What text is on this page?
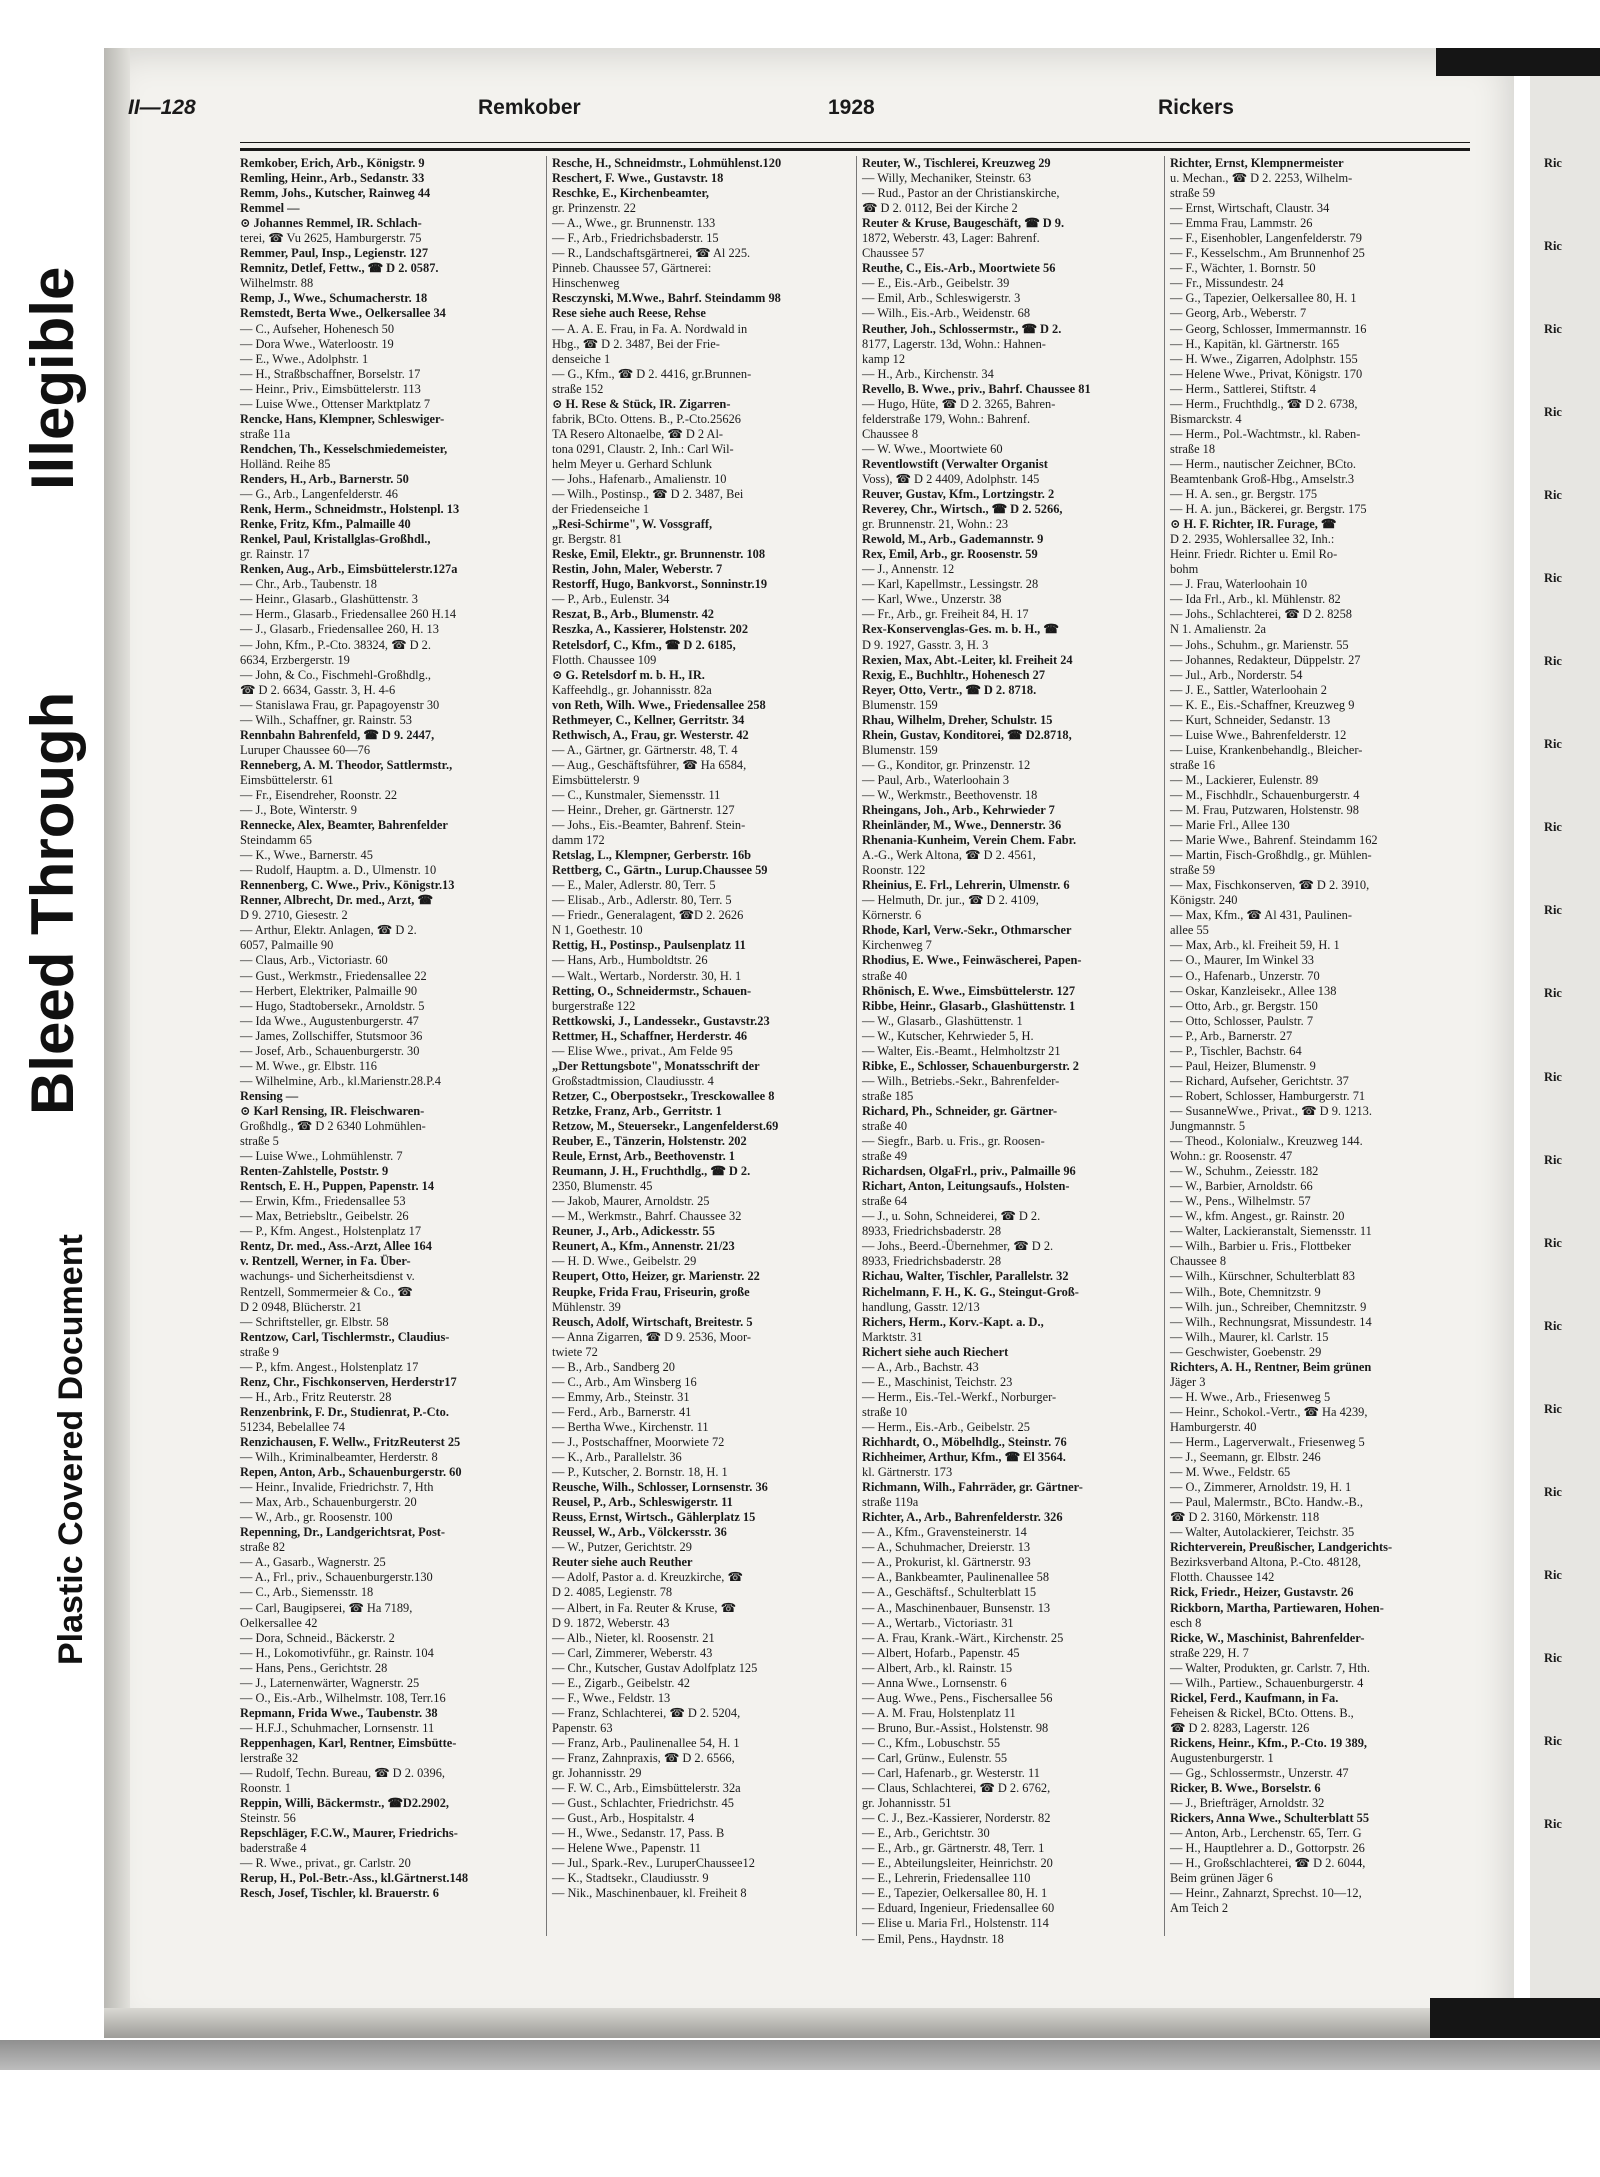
Illegible
Bleed Through
Plastic Covered Document
II—128	Remkober	1928	Rickers
Remkober, Erich, Arb., Königstr. 9
Remling, Heinr., Arb., Sedanstr. 33
Remm, Johs., Kutscher, Rainweg 44
Remmel —
⊙ Johannes Remmel, IR. Schlach-
terei, ☎ Vu 2625, Hamburgerstr. 75
Remmer, Paul, Insp., Legienstr. 127
Remnitz, Detlef, Fettw., ☎ D 2. 0587.
Wilhelmstr. 88
Remp, J., Wwe., Schumacherstr. 18
Remstedt, Berta Wwe., Oelkersallee 34
— C., Aufseher, Hohenesch 50
— Dora Wwe., Waterloostr. 19
— E., Wwe., Adolphstr. 1
— H., Straßbschaffner, Borselstr. 17
— Heinr., Priv., Eimsbüttelerstr. 113
— Luise Wwe., Ottenser Marktplatz 7
Rencke, Hans, Klempner, Schleswiger-
straße 11a
Rendchen, Th., Kesselschmiedemeister,
Holländ. Reihe 85
Renders, H., Arb., Barnerstr. 50
— G., Arb., Langenfelderstr. 46
Renk, Herm., Schneidmstr., Holstenpl. 13
Renke, Fritz, Kfm., Palmaille 40
Renkel, Paul, Kristallglas-Großhdl.,
gr. Rainstr. 17
Renken, Aug., Arb., Eimsbüttelerstr.127a
— Chr., Arb., Taubenstr. 18
— Heinr., Glasarb., Glashüttenstr. 3
— Herm., Glasarb., Friedensallee 260 H.14
— J., Glasarb., Friedensallee 260, H. 13
— John, Kfm., P.-Cto. 38324, ☎ D 2.
6634, Erzbergerstr. 19
— John, & Co., Fischmehl-Großhdlg.,
☎ D 2. 6634, Gasstr. 3, H. 4-6
— Stanislawa Frau, gr. Papagoyenstr 30
— Wilh., Schaffner, gr. Rainstr. 53
Rennbahn Bahrenfeld, ☎ D 9. 2447,
Luruper Chaussee 60—76
Renneberg, A. M. Theodor, Sattlermstr.,
Eimsbüttelerstr. 61
— Fr., Eisendreher, Roonstr. 22
— J., Bote, Winterstr. 9
Rennecke, Alex, Beamter, Bahrenfelder
Steindamm 65
— K., Wwe., Barnerstr. 45
— Rudolf, Hauptm. a. D., Ulmenstr. 10
Rennenberg, C. Wwe., Priv., Königstr.13
Renner, Albrecht, Dr. med., Arzt, ☎
D 9. 2710, Giesestr. 2
— Arthur, Elektr. Anlagen, ☎ D 2.
6057, Palmaille 90
— Claus, Arb., Victoriastr. 60
— Gust., Werkmstr., Friedensallee 22
— Herbert, Elektriker, Palmaille 90
— Hugo, Stadtobersekr., Arnoldstr. 5
— Ida Wwe., Augustenburgerstr. 47
— James, Zollschiffer, Stutsmoor 36
— Josef, Arb., Schauenburgerstr. 30
— M. Wwe., gr. Elbstr. 116
— Wilhelmine, Arb., kl.Marienstr.28.P.4
Rensing —
⊙ Karl Rensing, IR. Fleischwaren-
Großhdlg., ☎ D 2 6340 Lohmühlen-
straße 5
— Luise Wwe., Lohmühlenstr. 7
Renten-Zahlstelle, Poststr. 9
Rentsch, E. H., Puppen, Papenstr. 14
— Erwin, Kfm., Friedensallee 53
— Max, Betriebsltr., Geibelstr. 26
— P., Kfm. Angest., Holstenplatz 17
Rentz, Dr. med., Ass.-Arzt, Allee 164
v. Rentzell, Werner, in Fa. Über-
wachungs- und Sicherheitsdienst v.
Rentzell, Sommermeier & Co., ☎
D 2 0948, Blücherstr. 21
— Schriftsteller, gr. Elbstr. 58
Rentzow, Carl, Tischlermstr., Claudius-
straße 9
— P., kfm. Angest., Holstenplatz 17
Renz, Chr., Fischkonserven, Herderstr17
— H., Arb., Fritz Reuterstr. 28
Renzenbrink, F. Dr., Studienrat, P.-Cto.
51234, Bebelallee 74
Renzichausen, F. Wellw., FritzReuterst 25
— Wilh., Kriminalbeamter, Herderstr. 8
Repen, Anton, Arb., Schauenburgerstr. 60
— Heinr., Invalide, Friedrichstr. 7, Hth
— Max, Arb., Schauenburgerstr. 20
— W., Arb., gr. Roosenstr. 100
Repenning, Dr., Landgerichtsrat, Post-
straße 82
— A., Gasarb., Wagnerstr. 25
— A., Frl., priv., Schauenburgerstr.130
— C., Arb., Siemensstr. 18
— Carl, Baugipserei, ☎ Ha 7189,
Oelkersallee 42
— Dora, Schneid., Bäckerstr. 2
— H., Lokomotivführ., gr. Rainstr. 104
— Hans, Pens., Gerichtstr. 28
— J., Laternenwärter, Wagnerstr. 25
— O., Eis.-Arb., Wilhelmstr. 108, Terr.16
Repmann, Frida Wwe., Taubenstr. 38
— H.F.J., Schuhmacher, Lornsenstr. 11
Reppenhagen, Karl, Rentner, Eimsbütte-
lerstraße 32
— Rudolf, Techn. Bureau, ☎ D 2. 0396,
Roonstr. 1
Reppin, Willi, Bäckermstr., ☎D2.2902,
Steinstr. 56
Repschläger, F.C.W., Maurer, Friedrichs-
baderstraße 4
— R. Wwe., privat., gr. Carlstr. 20
Rerup, H., Pol.-Betr.-Ass., kl.Gärtnerst.148
Resch, Josef, Tischler, kl. Brauerstr. 6
Resche, H., Schneidmstr., Lohmühlenst.120
Reschert, F. Wwe., Gustavstr. 18
Reschke, E., Kirchenbeamter,
gr. Prinzenstr. 22
— A., Wwe., gr. Brunnenstr. 133
— F., Arb., Friedrichsbaderstr. 15
— R., Landschaftsgärtnerei, ☎ Al 225.
Pinneb. Chaussee 57, Gärtnerei:
Hinschenweg
Resczynski, M.Wwe., Bahrf. Steindamm 98
Rese siehe auch Reese, Rehse
— A. A. E. Frau, in Fa. A. Nordwald in
Hbg., ☎ D 2. 3487, Bei der Frie-
denseiche 1
— G., Kfm., ☎ D 2. 4416, gr.Brunnen-
straße 152
⊙ H. Rese & Stück, IR. Zigarren-
fabrik, BCto. Ottens. B., P.-Cto.25626
TA Resero Altonaelbe, ☎ D 2 Al-
tona 0291, Claustr. 2, Inh.: Carl Wil-
helm Meyer u. Gerhard Schlunk
— Johs., Hafenarb., Amalienstr. 10
— Wilh., Postinsp., ☎ D 2. 3487, Bei
der Friedenseiche 1
„Resi-Schirme", W. Vossgraff,
gr. Bergstr. 81
Reske, Emil, Elektr., gr. Brunnenstr. 108
Restin, John, Maler, Weberstr. 7
Restorff, Hugo, Bankvorst., Sonninstr.19
— P., Arb., Eulenstr. 34
Reszat, B., Arb., Blumenstr. 42
Reszka, A., Kassierer, Holstenstr. 202
Retelsdorf, C., Kfm., ☎ D 2. 6185,
Flotth. Chaussee 109
⊙ G. Retelsdorf m. b. H., IR.
Kaffeehdlg., gr. Johannisstr. 82a
von Reth, Wilh. Wwe., Friedensallee 258
Rethmeyer, C., Kellner, Gerritstr. 34
Rethwisch, A., Frau, gr. Westerstr. 42
— A., Gärtner, gr. Gärtnerstr. 48, T. 4
— Aug., Geschäftsführer, ☎ Ha 6584,
Eimsbüttelerstr. 9
— C., Kunstmaler, Siemensstr. 11
— Heinr., Dreher, gr. Gärtnerstr. 127
— Johs., Eis.-Beamter, Bahrenf. Stein-
damm 172
Retslag, L., Klempner, Gerberstr. 16b
Rettberg, C., Gärtn., Lurup.Chaussee 59
— E., Maler, Adlerstr. 80, Terr. 5
— Elisab., Arb., Adlerstr. 80, Terr. 5
— Friedr., Generalagent, ☎D 2. 2626
N 1, Goethestr. 10
Rettig, H., Postinsp., Paulsenplatz 11
— Hans, Arb., Humboldtstr. 26
— Walt., Wertarb., Norderstr. 30, H. 1
Retting, O., Schneidermstr., Schauen-
burgerstraße 122
Rettkowski, J., Landessekr., Gustavstr.23
Rettmer, H., Schaffner, Herderstr. 46
— Elise Wwe., privat., Am Felde 95
„Der Rettungsbote", Monatsschrift der
Großstadtmission, Claudiusstr. 4
Retzer, C., Oberpostsekr., Tresckowallee 8
Retzke, Franz, Arb., Gerritstr. 1
Retzow, M., Steuersekr., Langenfelderst.69
Reuber, E., Tänzerin, Holstenstr. 202
Reule, Ernst, Arb., Beethovenstr. 1
Reumann, J. H., Fruchthdlg., ☎ D 2.
2350, Blumenstr. 45
— Jakob, Maurer, Arnoldstr. 25
— M., Werkmstr., Bahrf. Chaussee 32
Reuner, J., Arb., Adickesstr. 55
Reunert, A., Kfm., Annenstr. 21/23
— H. D. Wwe., Geibelstr. 29
Reupert, Otto, Heizer, gr. Marienstr. 22
Reupke, Frida Frau, Friseurin, große
Mühlenstr. 39
Reusch, Adolf, Wirtschaft, Breitestr. 5
— Anna Zigarren, ☎ D 9. 2536, Moor-
twiete 72
— B., Arb., Sandberg 20
— C., Arb., Am Winsberg 16
— Emmy, Arb., Steinstr. 31
— Ferd., Arb., Barnerstr. 41
— Bertha Wwe., Kirchenstr. 11
— J., Postschaffner, Moorwiete 72
— K., Arb., Parallelstr. 36
— P., Kutscher, 2. Bornstr. 18, H. 1
Reusche, Wilh., Schlosser, Lornsenstr. 36
Reusel, P., Arb., Schleswigerstr. 11
Reuss, Ernst, Wirtsch., Gählerplatz 15
Reussel, W., Arb., Völckersstr. 36
— W., Putzer, Gerichtstr. 29
Reuter siehe auch Reuther
— Adolf, Pastor a. d. Kreuzkirche, ☎
D 2. 4085, Legienstr. 78
— Albert, in Fa. Reuter & Kruse, ☎
D 9. 1872, Weberstr. 43
— Alb., Nieter, kl. Roosenstr. 21
— Carl, Zimmerer, Weberstr. 43
— Chr., Kutscher, Gustav Adolfplatz 125
— E., Zigarb., Geibelstr. 42
— F., Wwe., Feldstr. 13
— Franz, Schlachterei, ☎ D 2. 5204,
Papenstr. 63
— Franz, Arb., Paulinenallee 54, H. 1
— Franz, Zahnpraxis, ☎ D 2. 6566,
gr. Johannisstr. 29
— F. W. C., Arb., Eimsbüttelerstr. 32a
— Gust., Schlachter, Friedrichstr. 45
— Gust., Arb., Hospitalstr. 4
— H., Wwe., Sedanstr. 17, Pass. B
— Helene Wwe., Papenstr. 11
— Jul., Spark.-Rev., LuruperChaussee12
— K., Stadtsekr., Claudiusstr. 9
— Nik., Maschinenbauer, kl. Freiheit 8
Reuter, W., Tischlerei, Kreuzweg 29
— Willy, Mechaniker, Steinstr. 63
— Rud., Pastor an der Christianskirche,
☎ D 2. 0112, Bei der Kirche 2
Reuter & Kruse, Baugeschäft, ☎ D 9.
1872, Weberstr. 43, Lager: Bahrenf.
Chaussee 57
Reuthe, C., Eis.-Arb., Moortwiete 56
— E., Eis.-Arb., Geibelstr. 39
— Emil, Arb., Schleswigerstr. 3
— Wilh., Eis.-Arb., Weidenstr. 68
Reuther, Joh., Schlossermstr., ☎ D 2.
8177, Lagerstr. 13d, Wohn.: Hahnen-
kamp 12
— H., Arb., Kirchenstr. 34
Revello, B. Wwe., priv., Bahrf. Chaussee 81
— Hugo, Hüte, ☎ D 2. 3265, Bahren-
felderstraße 179, Wohn.: Bahrenf.
Chaussee 8
— W. Wwe., Moortwiete 60
Reventlowstift (Verwalter Organist
Voss), ☎ D 2 4409, Adolphstr. 145
Reuver, Gustav, Kfm., Lortzingstr. 2
Reverey, Chr., Wirtsch., ☎ D 2. 5266,
gr. Brunnenstr. 21, Wohn.: 23
Rewold, M., Arb., Gademannstr. 9
Rex, Emil, Arb., gr. Roosenstr. 59
— J., Annenstr. 12
— Karl, Kapellmstr., Lessingstr. 28
— Karl, Wwe., Unzerstr. 38
— Fr., Arb., gr. Freiheit 84, H. 17
Rex-Konservenglas-Ges. m. b. H., ☎
D 9. 1927, Gasstr. 3, H. 3
Rexien, Max, Abt.-Leiter, kl. Freiheit 24
Rexig, E., Buchhltr., Hohenesch 27
Reyer, Otto, Vertr., ☎ D 2. 8718.
Blumenstr. 159
Rhau, Wilhelm, Dreher, Schulstr. 15
Rhein, Gustav, Konditorei, ☎ D2.8718,
Blumenstr. 159
— G., Konditor, gr. Prinzenstr. 12
— Paul, Arb., Waterloohain 3
— W., Werkmstr., Beethovenstr. 18
Rheingans, Joh., Arb., Kehrwieder 7
Rheinländer, M., Wwe., Dennerstr. 36
Rhenania-Kunheim, Verein Chem. Fabr.
A.-G., Werk Altona, ☎ D 2. 4561,
Roonstr. 122
Rheinius, E. Frl., Lehrerin, Ulmenstr. 6
— Helmuth, Dr. jur., ☎ D 2. 4109,
Körnerstr. 6
Rhode, Karl, Verw.-Sekr., Othmarscher
Kirchenweg 7
Rhodius, E. Wwe., Feinwäscherei, Papen-
straße 40
Rhönisch, E. Wwe., Eimsbüttelerstr. 127
Ribbe, Heinr., Glasarb., Glashüttenstr. 1
— W., Glasarb., Glashüttenstr. 1
— W., Kutscher, Kehrwieder 5, H.
— Walter, Eis.-Beamt., Helmholtzstr 21
Ribke, E., Schlosser, Schauenburgerstr. 2
— Wilh., Betriebs.-Sekr., Bahrenfelder-
straße 185
Richard, Ph., Schneider, gr. Gärtner-
straße 40
— Siegfr., Barb. u. Fris., gr. Roosen-
straße 49
Richardsen, OlgaFrl., priv., Palmaille 96
Richart, Anton, Leitungsaufs., Holsten-
straße 64
— J., u. Sohn, Schneiderei, ☎ D 2.
8933, Friedrichsbaderstr. 28
— Johs., Beerd.-Übernehmer, ☎ D 2.
8933, Friedrichsbaderstr. 28
Richau, Walter, Tischler, Parallelstr. 32
Richelmann, F. H., K. G., Steingut-Groß-
handlung, Gasstr. 12/13
Richers, Herm., Korv.-Kapt. a. D.,
Marktstr. 31
Richert siehe auch Riechert
— A., Arb., Bachstr. 43
— E., Maschinist, Teichstr. 23
— Herm., Eis.-Tel.-Werkf., Norburger-
straße 10
— Herm., Eis.-Arb., Geibelstr. 25
Richhardt, O., Möbelhdlg., Steinstr. 76
Richheimer, Arthur, Kfm., ☎ El 3564.
kl. Gärtnerstr. 173
Richmann, Wilh., Fahrräder, gr. Gärtner-
straße 119a
Richter, A., Arb., Bahrenfelderstr. 326
— A., Kfm., Gravensteinerstr. 14
— A., Schuhmacher, Dreierstr. 13
— A., Prokurist, kl. Gärtnerstr. 93
— A., Bankbeamter, Paulinenallee 58
— A., Geschäftsf., Schulterblatt 15
— A., Maschinenbauer, Bunsenstr. 13
— A., Wertarb., Victoriastr. 31
— A. Frau, Krank.-Wärt., Kirchenstr. 25
— Albert, Hofarb., Papenstr. 45
— Albert, Arb., kl. Rainstr. 15
— Anna Wwe., Lornsenstr. 6
— Aug. Wwe., Pens., Fischersallee 56
— A. M. Frau, Holstenplatz 11
— Bruno, Bur.-Assist., Holstenstr. 98
— C., Kfm., Lobuschstr. 55
— Carl, Grünw., Eulenstr. 55
— Carl, Hafenarb., gr. Westerstr. 11
— Claus, Schlachterei, ☎ D 2. 6762,
gr. Johannisstr. 51
— C. J., Bez.-Kassierer, Norderstr. 82
— E., Arb., Gerichtstr. 30
— E., Arb., gr. Gärtnerstr. 48, Terr. 1
— E., Abteilungsleiter, Heinrichstr. 20
— E., Lehrerin, Friedensallee 110
— E., Tapezier, Oelkersallee 80, H. 1
— Eduard, Ingenieur, Friedensallee 60
— Elise u. Maria Frl., Holstenstr. 114
— Emil, Pens., Haydnstr. 18
Richter, Ernst, Klempnermeister
u. Mechan., ☎ D 2. 2253, Wilhelm-
straße 59
— Ernst, Wirtschaft, Claustr. 34
— Emma Frau, Lammstr. 26
— F., Eisenhobler, Langenfelderstr. 79
— F., Kesselschm., Am Brunnenhof 25
— F., Wächter, 1. Bornstr. 50
— Fr., Missundestr. 24
— G., Tapezier, Oelkersallee 80, H. 1
— Georg, Arb., Weberstr. 7
— Georg, Schlosser, Immermannstr. 16
— H., Kapitän, kl. Gärtnerstr. 165
— H. Wwe., Zigarren, Adolphstr. 155
— Helene Wwe., Privat, Königstr. 170
— Herm., Sattlerei, Stiftstr. 4
— Herm., Fruchthdlg., ☎ D 2. 6738,
Bismarckstr. 4
— Herm., Pol.-Wachtmstr., kl. Raben-
straße 18
— Herm., nautischer Zeichner, BCto.
Beamtenbank Groß-Hbg., Amselstr.3
— H. A. sen., gr. Bergstr. 175
— H. A. jun., Bäckerei, gr. Bergstr. 175
⊙ H. F. Richter, IR. Furage, ☎
D 2. 2935, Wohlersallee 32, Inh.:
Heinr. Friedr. Richter u. Emil Ro-
bohm
— J. Frau, Waterloohain 10
— Ida Frl., Arb., kl. Mühlenstr. 82
— Johs., Schlachterei, ☎ D 2. 8258
N 1. Amalienstr. 2a
— Johs., Schuhm., gr. Marienstr. 55
— Johannes, Redakteur, Düppelstr. 27
— Jul., Arb., Norderstr. 54
— J. E., Sattler, Waterloohain 2
— K. E., Eis.-Schaffner, Kreuzweg 9
— Kurt, Schneider, Sedanstr. 13
— Luise Wwe., Bahrenfelderstr. 12
— Luise, Krankenbehandlg., Bleicher-
straße 16
— M., Lackierer, Eulenstr. 89
— M., Fischhdlr., Schauenburgerstr. 4
— M. Frau, Putzwaren, Holstenstr. 98
— Marie Frl., Allee 130
— Marie Wwe., Bahrenf. Steindamm 162
— Martin, Fisch-Großhdlg., gr. Mühlen-
straße 59
— Max, Fischkonserven, ☎ D 2. 3910,
Königstr. 240
— Max, Kfm., ☎ Al 431, Paulinen-
allee 55
— Max, Arb., kl. Freiheit 59, H. 1
— O., Maurer, Im Winkel 33
— O., Hafenarb., Unzerstr. 70
— Oskar, Kanzleisekr., Allee 138
— Otto, Arb., gr. Bergstr. 150
— Otto, Schlosser, Paulstr. 7
— P., Arb., Barnerstr. 27
— P., Tischler, Bachstr. 64
— Paul, Heizer, Blumenstr. 9
— Richard, Aufseher, Gerichtstr. 37
— Robert, Schlosser, Hamburgerstr. 71
— SusanneWwe., Privat., ☎ D 9. 1213.
Jungmannstr. 5
— Theod., Kolonialw., Kreuzweg 144.
Wohn.: gr. Roosenstr. 47
— W., Schuhm., Zeiesstr. 182
— W., Barbier, Arnoldstr. 66
— W., Pens., Wilhelmstr. 57
— W., kfm. Angest., gr. Rainstr. 20
— Walter, Lackieranstalt, Siemensstr. 11
— Wilh., Barbier u. Fris., Flottbeker
Chaussee 8
— Wilh., Kürschner, Schulterblatt 83
— Wilh., Bote, Chemnitzstr. 9
— Wilh. jun., Schreiber, Chemnitzstr. 9
— Wilh., Rechnungsrat, Missundestr. 14
— Wilh., Maurer, kl. Carlstr. 15
— Geschwister, Goebenstr. 29
Richters, A. H., Rentner, Beim grünen
Jäger 3
— H. Wwe., Arb., Friesenweg 5
— Heinr., Schokol.-Vertr., ☎ Ha 4239,
Hamburgerstr. 40
— Herm., Lagerverwalt., Friesenweg 5
— J., Seemann, gr. Elbstr. 246
— M. Wwe., Feldstr. 65
— O., Zimmerer, Arnoldstr. 19, H. 1
— Paul, Malermstr., BCto. Handw.-B.,
☎ D 2. 3160, Mörkenstr. 118
— Walter, Autolackierer, Teichstr. 35
Richterverein, Preußischer, Landgerichts-
Bezirksverband Altona, P.-Cto. 48128,
Flotth. Chaussee 142
Rick, Friedr., Heizer, Gustavstr. 26
Rickborn, Martha, Partiewaren, Hohen-
esch 8
Ricke, W., Maschinist, Bahrenfelder-
straße 229, H. 7
— Walter, Produkten, gr. Carlstr. 7, Hth.
— Wilh., Partiew., Schauenburgerstr. 4
Rickel, Ferd., Kaufmann, in Fa.
Feheisen & Rickel, BCto. Ottens. B.,
☎ D 2. 8283, Lagerstr. 126
Rickens, Heinr., Kfm., P.-Cto. 19 389,
Augustenburgerstr. 1
— Gg., Schlossermstr., Unzerstr. 47
Ricker, B. Wwe., Borselstr. 6
— J., Briefträger, Arnoldstr. 32
Rickers, Anna Wwe., Schulterblatt 55
— Anton, Arb., Lerchenstr. 65, Terr. G
— H., Hauptlehrer a. D., Gottorpstr. 26
— H., Großschlachterei, ☎ D 2. 6044,
Beim grünen Jäger 6
— Heinr., Zahnarzt, Sprechst. 10—12,
Am Teich 2
Ric
Ric
Ric
Ric
Ric
Ric
Ric
Ric
Ric
Ric
Ric
Ric
Ric
Ric
Ric
Ric
Ric
Ric
Ric
Ric
Ric
